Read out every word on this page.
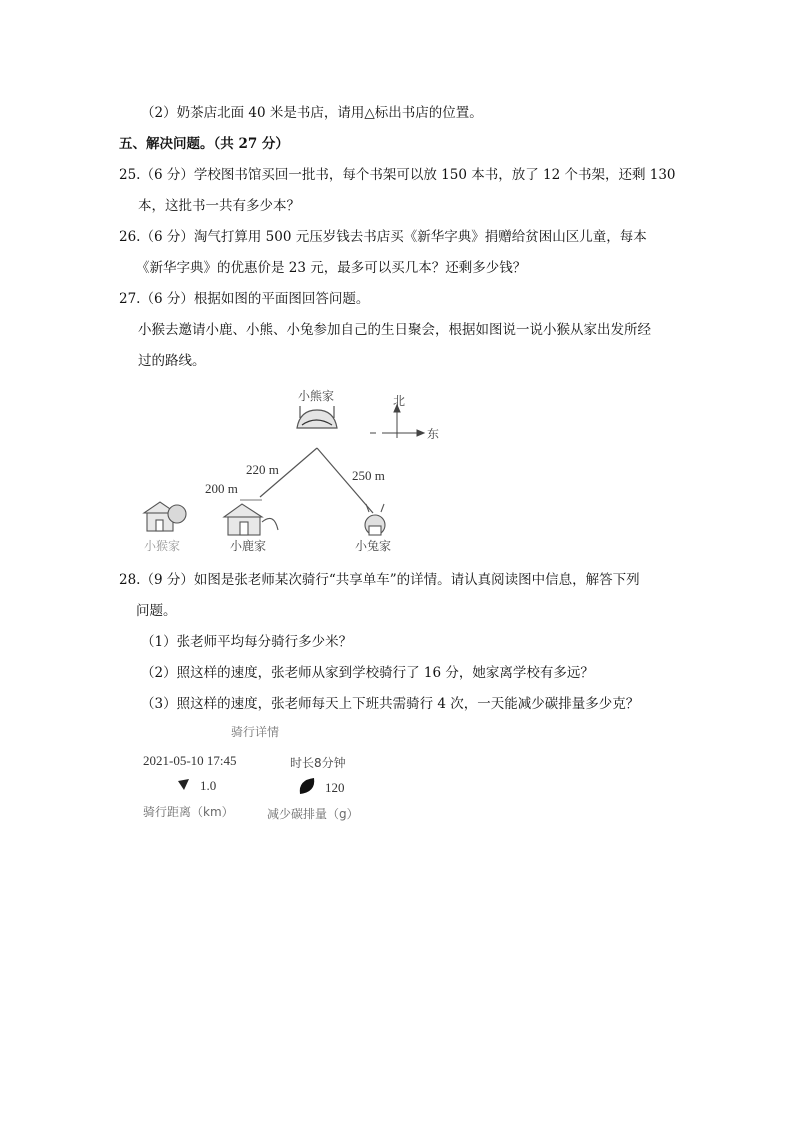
（2）奶茶店北面 40 米是书店，请用△标出书店的位置。
五、解决问题。（共 27 分）
25.（6 分）学校图书馆买回一批书，每个书架可以放 150 本书，放了 12 个书架，还剩 130
本，这批书一共有多少本？
26.（6 分）淘气打算用 500 元压岁钱去书店买《新华字典》捐赠给贫困山区儿童，每本
《新华字典》的优惠价是 23 元，最多可以买几本？还剩多少钱？
27.（6 分）根据如图的平面图回答问题。
小猴去邀请小鹿、小熊、小兔参加自己的生日聚会，根据如图说一说小猴从家出发所经
过的路线。
小熊家	北
东
220 m	250 m
200 m
小猴家	小鹿家	小兔家
28.（9 分）如图是张老师某次骑行“共享单车”的详情。请认真阅读图中信息，解答下列
问题。
（1）张老师平均每分骑行多少米？
（2）照这样的速度，张老师从家到学校骑行了 16 分，她家离学校有多远？
（3）照这样的速度，张老师每天上下班共需骑行 4 次，一天能减少碳排量多少克？
骑行详情
2021-05-10 17:45	时长8分钟
1.0	120
骑行距离（km）	减少碳排量（g）
